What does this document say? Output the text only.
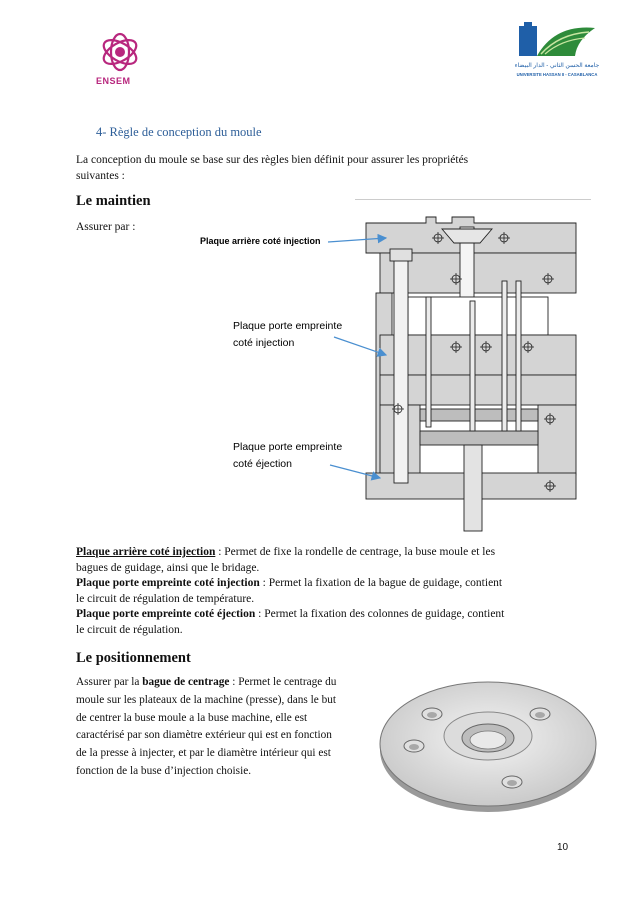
ENSEM
جامعة الحسن الثاني - الدار البيضاء
UNIVERSITE HASSAN II - CASABLANCA
4- Règle de conception du moule
La conception du moule se base sur des règles bien définit pour assurer les propriétés
suivantes :
Le maintien
Assurer par :
Plaque arrière coté injection
Plaque porte empreinte
coté injection
Plaque porte empreinte
coté éjection
Plaque arrière coté injection : Permet de fixe la rondelle de centrage, la buse moule et les
bagues de guidage, ainsi que le bridage.
Plaque porte empreinte coté injection : Permet la fixation de la bague de guidage, contient
le circuit de régulation de température.
Plaque porte empreinte coté éjection : Permet la fixation des colonnes de guidage, contient
le circuit de régulation.
Le positionnement
Assurer par la bague de centrage : Permet le centrage du
moule sur les plateaux de la machine (presse), dans le but
de centrer la buse moule a la buse machine, elle est
caractérisé par son diamètre extérieur qui est en fonction
de la presse à injecter, et par le diamètre intérieur qui est
fonction de la buse d’injection choisie.
10
